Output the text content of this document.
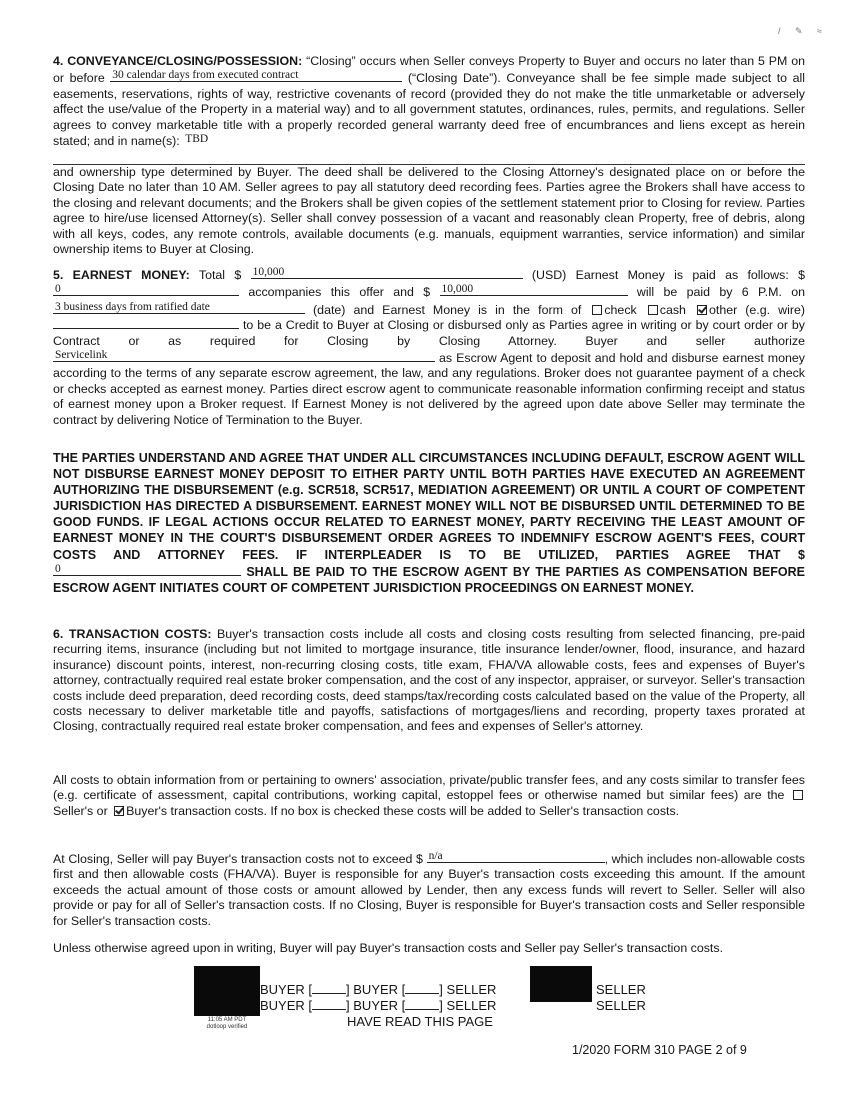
/ ✎ ≈
4. CONVEYANCE/CLOSING/POSSESSION: “Closing” occurs when Seller conveys Property to Buyer and occurs no later than 5 PM on or before 30 calendar days from executed contract	(“Closing Date”). Conveyance shall be fee simple made subject to all easements, reservations, rights of way, restrictive covenants of record (provided they do not make the title unmarketable or adversely affect the use/value of the Property in a material way) and to all government statutes, ordinances, rules, permits, and regulations. Seller agrees to convey marketable title with a properly recorded general warranty deed free of encumbrances and liens except as herein stated; and in name(s): TBD
and ownership type determined by Buyer. The deed shall be delivered to the Closing Attorney's designated place on or before the Closing Date no later than 10 AM. Seller agrees to pay all statutory deed recording fees. Parties agree the Brokers shall have access to the closing and relevant documents; and the Brokers shall be given copies of the settlement statement prior to Closing for review. Parties agree to hire/use licensed Attorney(s). Seller shall convey possession of a vacant and reasonably clean Property, free of debris, along with all keys, codes, any remote controls, available documents (e.g. manuals, equipment warranties, service information) and similar ownership items to Buyer at Closing.
5. EARNEST MONEY: Total $ 10,000	(USD) Earnest Money is paid as follows: $ 0	accompanies this offer and $ 10,000	will be paid by 6 P.M. on 3 business days from ratified date	(date) and Earnest Money is in the form of check cash other (e.g. wire)  to be a Credit to Buyer at Closing or disbursed only as Parties agree in writing or by court order or by Contract or as required for Closing by Closing Attorney. Buyer and seller authorize Servicelink	as Escrow Agent to deposit and hold and disburse earnest money according to the terms of any separate escrow agreement, the law, and any regulations. Broker does not guarantee payment of a check or checks accepted as earnest money. Parties direct escrow agent to communicate reasonable information confirming receipt and status of earnest money upon a Broker request. If Earnest Money is not delivered by the agreed upon date above Seller may terminate the contract by delivering Notice of Termination to the Buyer.
THE PARTIES UNDERSTAND AND AGREE THAT UNDER ALL CIRCUMSTANCES INCLUDING DEFAULT, ESCROW AGENT WILL NOT DISBURSE EARNEST MONEY DEPOSIT TO EITHER PARTY UNTIL BOTH PARTIES HAVE EXECUTED AN AGREEMENT AUTHORIZING THE DISBURSEMENT (e.g. SCR518, SCR517, MEDIATION AGREEMENT) OR UNTIL A COURT OF COMPETENT JURISDICTION HAS DIRECTED A DISBURSEMENT. EARNEST MONEY WILL NOT BE DISBURSED UNTIL DETERMINED TO BE GOOD FUNDS. IF LEGAL ACTIONS OCCUR RELATED TO EARNEST MONEY, PARTY RECEIVING THE LEAST AMOUNT OF EARNEST MONEY IN THE COURT'S DISBURSEMENT ORDER AGREES TO INDEMNIFY ESCROW AGENT'S FEES, COURT COSTS AND ATTORNEY FEES. IF INTERPLEADER IS TO BE UTILIZED, PARTIES AGREE THAT $ 0	SHALL BE PAID TO THE ESCROW AGENT BY THE PARTIES AS COMPENSATION BEFORE ESCROW AGENT INITIATES COURT OF COMPETENT JURISDICTION PROCEEDINGS ON EARNEST MONEY.
6. TRANSACTION COSTS: Buyer's transaction costs include all costs and closing costs resulting from selected financing, pre-paid recurring items, insurance (including but not limited to mortgage insurance, title insurance lender/owner, flood, insurance, and hazard insurance) discount points, interest, non-recurring closing costs, title exam, FHA/VA allowable costs, fees and expenses of Buyer's attorney, contractually required real estate broker compensation, and the cost of any inspector, appraiser, or surveyor. Seller's transaction costs include deed preparation, deed recording costs, deed stamps/tax/recording costs calculated based on the value of the Property, all costs necessary to deliver marketable title and payoffs, satisfactions of mortgages/liens and recording, property taxes prorated at Closing, contractually required real estate broker compensation, and fees and expenses of Seller's attorney.
All costs to obtain information from or pertaining to owners' association, private/public transfer fees, and any costs similar to transfer fees (e.g. certificate of assessment, capital contributions, working capital, estoppel fees or otherwise named but similar fees) are the Seller's or Buyer's transaction costs. If no box is checked these costs will be added to Seller's transaction costs.
At Closing, Seller will pay Buyer's transaction costs not to exceed $ n/a	, which includes non-allowable costs first and then allowable costs (FHA/VA). Buyer is responsible for any Buyer's transaction costs exceeding this amount. If the amount exceeds the actual amount of those costs or amount allowed by Lender, then any excess funds will revert to Seller. Seller will also provide or pay for all of Seller's transaction costs. If no Closing, Buyer is responsible for Buyer's transaction costs and Seller responsible for Seller's transaction costs.
Unless otherwise agreed upon in writing, Buyer will pay Buyer's transaction costs and Seller pay Seller's transaction costs.
11:05 AM PDT
dotloop verified
BUYER [	] BUYER [	] SELLER
BUYER [	] BUYER [	] SELLER
SELLER
SELLER
HAVE READ THIS PAGE
1/2020 FORM 310 PAGE 2 of 9
